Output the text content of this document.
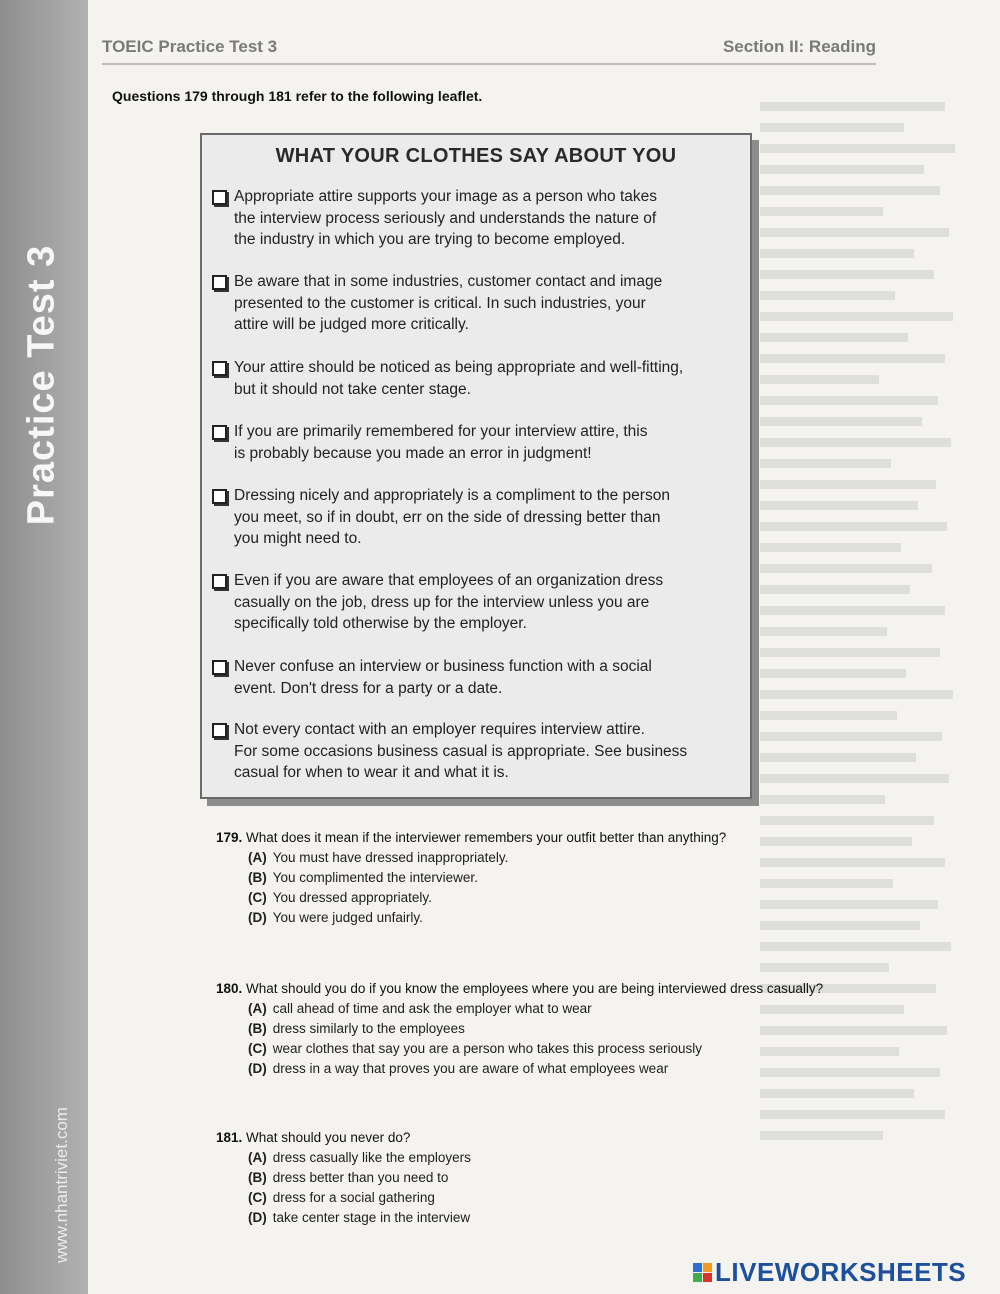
Practice Test 3
www.nhantriviet.com
TOEIC Practice Test 3	Section II: Reading
Questions 179 through 181 refer to the following leaflet.
WHAT YOUR CLOTHES SAY ABOUT YOU
Appropriate attire supports your image as a person who takes
the interview process seriously and understands the nature of
the industry in which you are trying to become employed.
Be aware that in some industries, customer contact and image
presented to the customer is critical. In such industries, your
attire will be judged more critically.
Your attire should be noticed as being appropriate and well-fitting,
but it should not take center stage.
If you are primarily remembered for your interview attire, this
is probably because you made an error in judgment!
Dressing nicely and appropriately is a compliment to the person
you meet, so if in doubt, err on the side of dressing better than
you might need to.
Even if you are aware that employees of an organization dress
casually on the job, dress up for the interview unless you are
specifically told otherwise by the employer.
Never confuse an interview or business function with a social
event. Don't dress for a party or a date.
Not every contact with an employer requires interview attire.
For some occasions business casual is appropriate. See business
casual for when to wear it and what it is.
179. What does it mean if the interviewer remembers your outfit better than anything?
(A) You must have dressed inappropriately.
(B) You complimented the interviewer.
(C) You dressed appropriately.
(D) You were judged unfairly.
180. What should you do if you know the employees where you are being interviewed dress casually?
(A) call ahead of time and ask the employer what to wear
(B) dress similarly to the employees
(C) wear clothes that say you are a person who takes this process seriously
(D) dress in a way that proves you are aware of what employees wear
181. What should you never do?
(A) dress casually like the employers
(B) dress better than you need to
(C) dress for a social gathering
(D) take center stage in the interview
LIVEWORKSHEETS
